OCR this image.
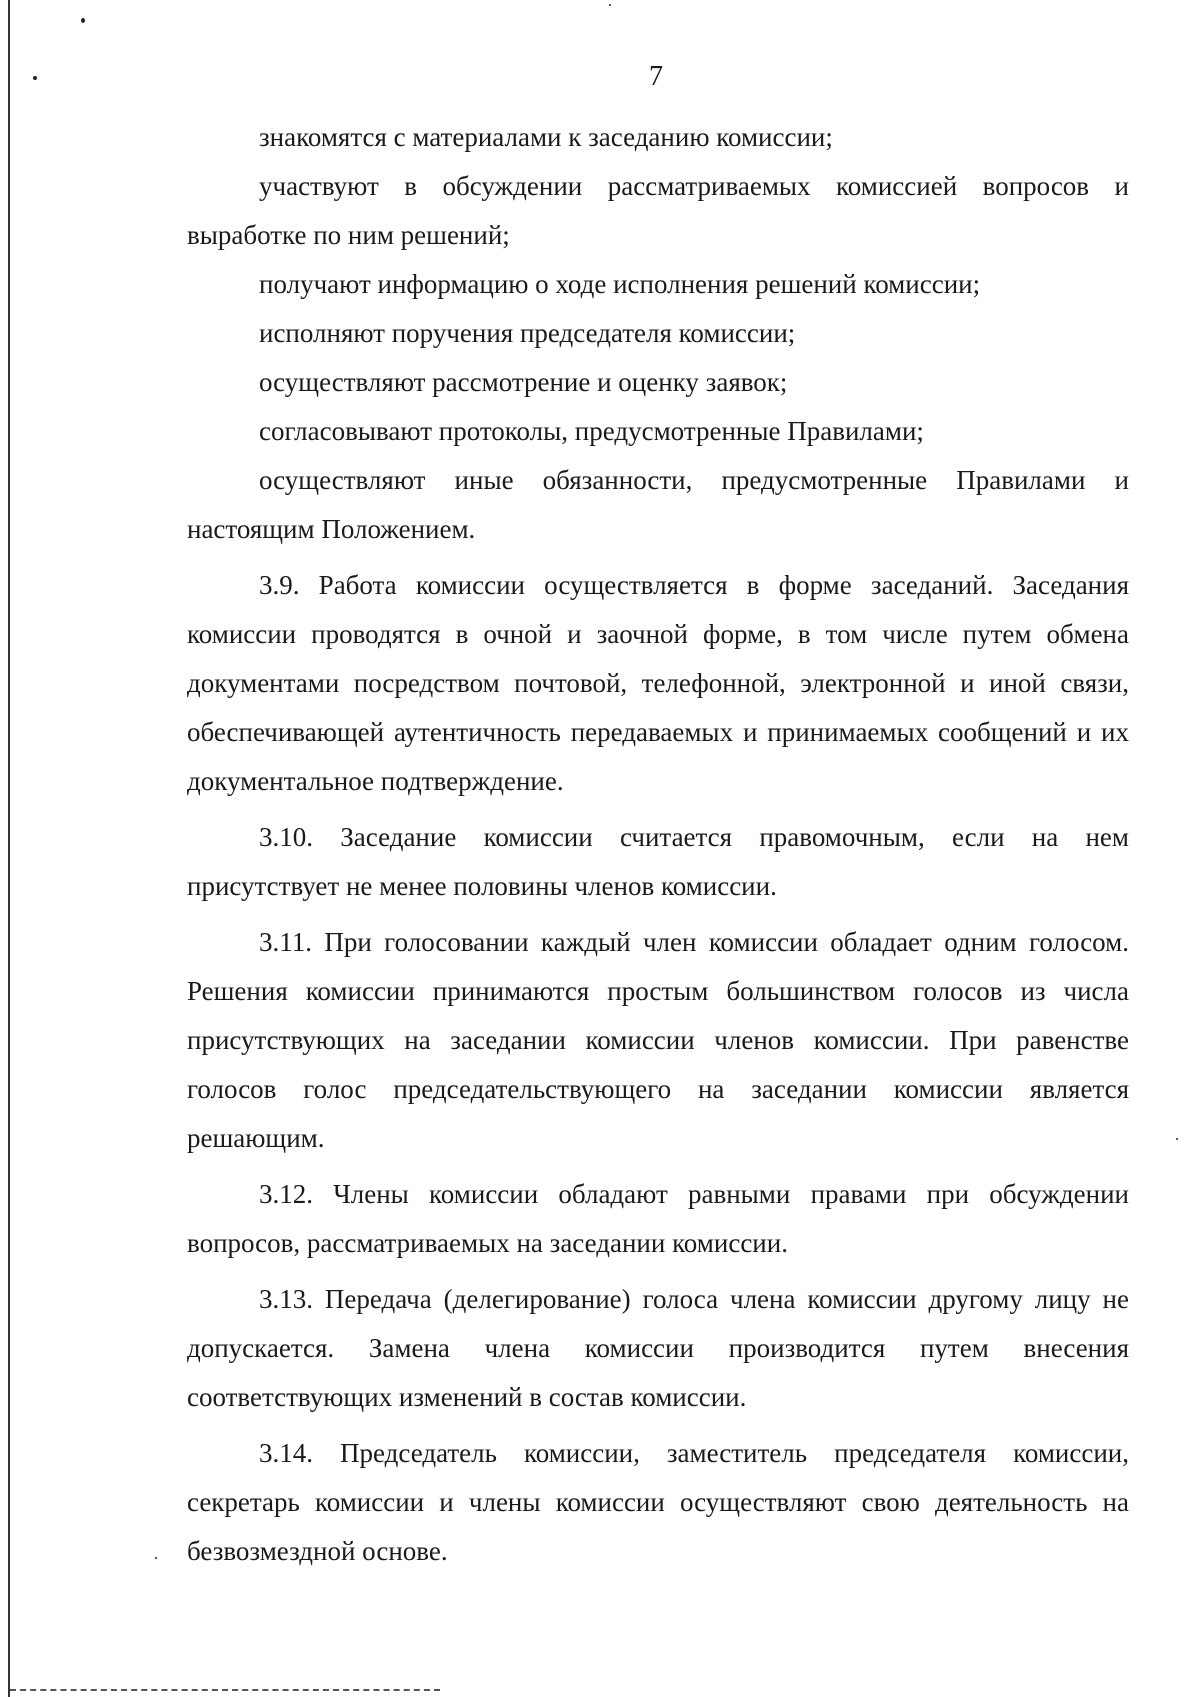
7

знакомятся с материалами к заседанию комиссии;

участвуют в обсуждении рассматриваемых комиссией вопросов и выработке по ним решений;

получают информацию о ходе исполнения решений комиссии;

исполняют поручения председателя комиссии;

осуществляют рассмотрение и оценку заявок;

согласовывают протоколы, предусмотренные Правилами;

осуществляют иные обязанности, предусмотренные Правилами и настоящим Положением.

3.9. Работа комиссии осуществляется в форме заседаний. Заседания комиссии проводятся в очной и заочной форме, в том числе путем обмена документами посредством почтовой, телефонной, электронной и иной связи, обеспечивающей аутентичность передаваемых и принимаемых сообщений и их документальное подтверждение.

3.10. Заседание комиссии считается правомочным, если на нем присутствует не менее половины членов комиссии.

3.11. При голосовании каждый член комиссии обладает одним голосом. Решения комиссии принимаются простым большинством голосов из числа присутствующих на заседании комиссии членов комиссии. При равенстве голосов голос председательствующего на заседании комиссии является решающим.

3.12. Члены комиссии обладают равными правами при обсуждении вопросов, рассматриваемых на заседании комиссии.

3.13. Передача (делегирование) голоса члена комиссии другому лицу не допускается. Замена члена комиссии производится путем внесения соответствующих изменений в состав комиссии.

3.14. Председатель комиссии, заместитель председателя комиссии, секретарь комиссии и члены комиссии осуществляют свою деятельность на безвозмездной основе.
